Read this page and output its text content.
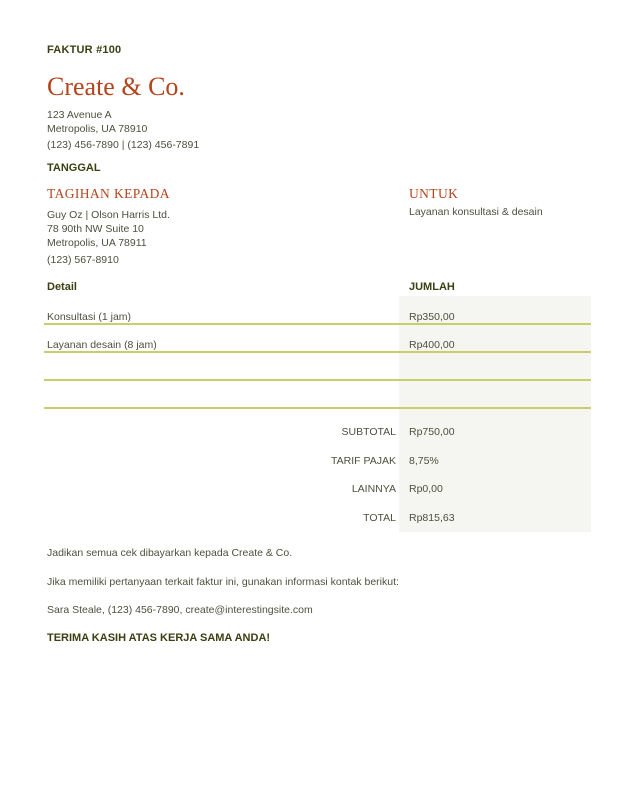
FAKTUR #100
Create & Co.
123 Avenue A
Metropolis, UA 78910
(123) 456-7890 | (123) 456-7891
TANGGAL
TAGIHAN KEPADA
Guy Oz | Olson Harris Ltd.
78 90th NW Suite 10
Metropolis, UA 78911
(123) 567-8910
UNTUK
Layanan konsultasi & desain
Detail	JUMLAH
Konsultasi (1 jam)	Rp350,00
Layanan desain (8 jam)	Rp400,00
SUBTOTAL Rp750,00
TARIF PAJAK 8,75%
LAINNYA Rp0,00
TOTAL Rp815,63
Jadikan semua cek dibayarkan kepada Create & Co.
Jika memiliki pertanyaan terkait faktur ini, gunakan informasi kontak berikut:
Sara Steale, (123) 456-7890, create@interestingsite.com
TERIMA KASIH ATAS KERJA SAMA ANDA!
